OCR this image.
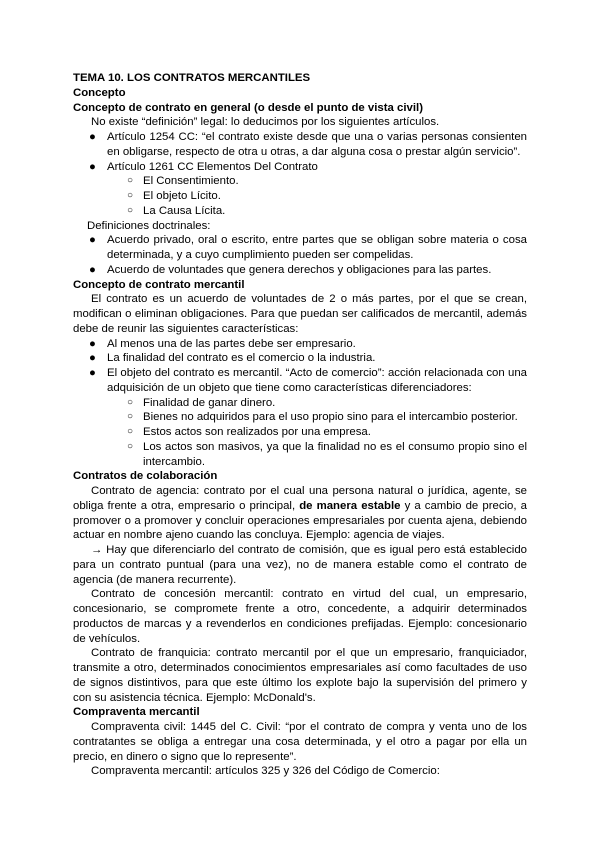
TEMA 10. LOS CONTRATOS MERCANTILES
Concepto
Concepto de contrato en general (o desde el punto de vista civil)

No existe “definición” legal: lo deducimos por los siguientes artículos.

● Artículo 1254 CC: “el contrato existe desde que una o varias personas consienten en obligarse, respecto de otra u otras, a dar alguna cosa o prestar algún servicio”.
● Artículo 1261 CC Elementos Del Contrato
○ El Consentimiento.
○ El objeto Lícito.
○ La Causa Lícita.

Definiciones doctrinales:

● Acuerdo privado, oral o escrito, entre partes que se obligan sobre materia o cosa determinada, y a cuyo cumplimiento pueden ser compelidas.
● Acuerdo de voluntades que genera derechos y obligaciones para las partes.
Concepto de contrato mercantil

El contrato es un acuerdo de voluntades de 2 o más partes, por el que se crean, modifican o eliminan obligaciones. Para que puedan ser calificados de mercantil, además debe de reunir las siguientes características:

● Al menos una de las partes debe ser empresario.
● La finalidad del contrato es el comercio o la industria.
● El objeto del contrato es mercantil. “Acto de comercio”: acción relacionada con una adquisición de un objeto que tiene como características diferenciadores:
○ Finalidad de ganar dinero.
○ Bienes no adquiridos para el uso propio sino para el intercambio posterior.
○ Estos actos son realizados por una empresa.
○ Los actos son masivos, ya que la finalidad no es el consumo propio sino el intercambio.
Contratos de colaboración

Contrato de agencia: contrato por el cual una persona natural o jurídica, agente, se obliga frente a otra, empresario o principal, de manera estable y a cambio de precio, a promover o a promover y concluir operaciones empresariales por cuenta ajena, debiendo actuar en nombre ajeno cuando las concluya. Ejemplo: agencia de viajes.

→ Hay que diferenciarlo del contrato de comisión, que es igual pero está establecido para un contrato puntual (para una vez), no de manera estable como el contrato de agencia (de manera recurrente).

Contrato de concesión mercantil: contrato en virtud del cual, un empresario, concesionario, se compromete frente a otro, concedente, a adquirir determinados productos de marcas y a revenderlos en condiciones prefijadas. Ejemplo: concesionario de vehículos.

Contrato de franquicia: contrato mercantil por el que un empresario, franquiciador, transmite a otro, determinados conocimientos empresariales así como facultades de uso de signos distintivos, para que este último los explote bajo la supervisión del primero y con su asistencia técnica. Ejemplo: McDonald's.

Compraventa mercantil

Compraventa civil: 1445 del C. Civil: “por el contrato de compra y venta uno de los contratantes se obliga a entregar una cosa determinada, y el otro a pagar por ella un precio, en dinero o signo que lo represente”.

Compraventa mercantil: artículos 325 y 326 del Código de Comercio:
